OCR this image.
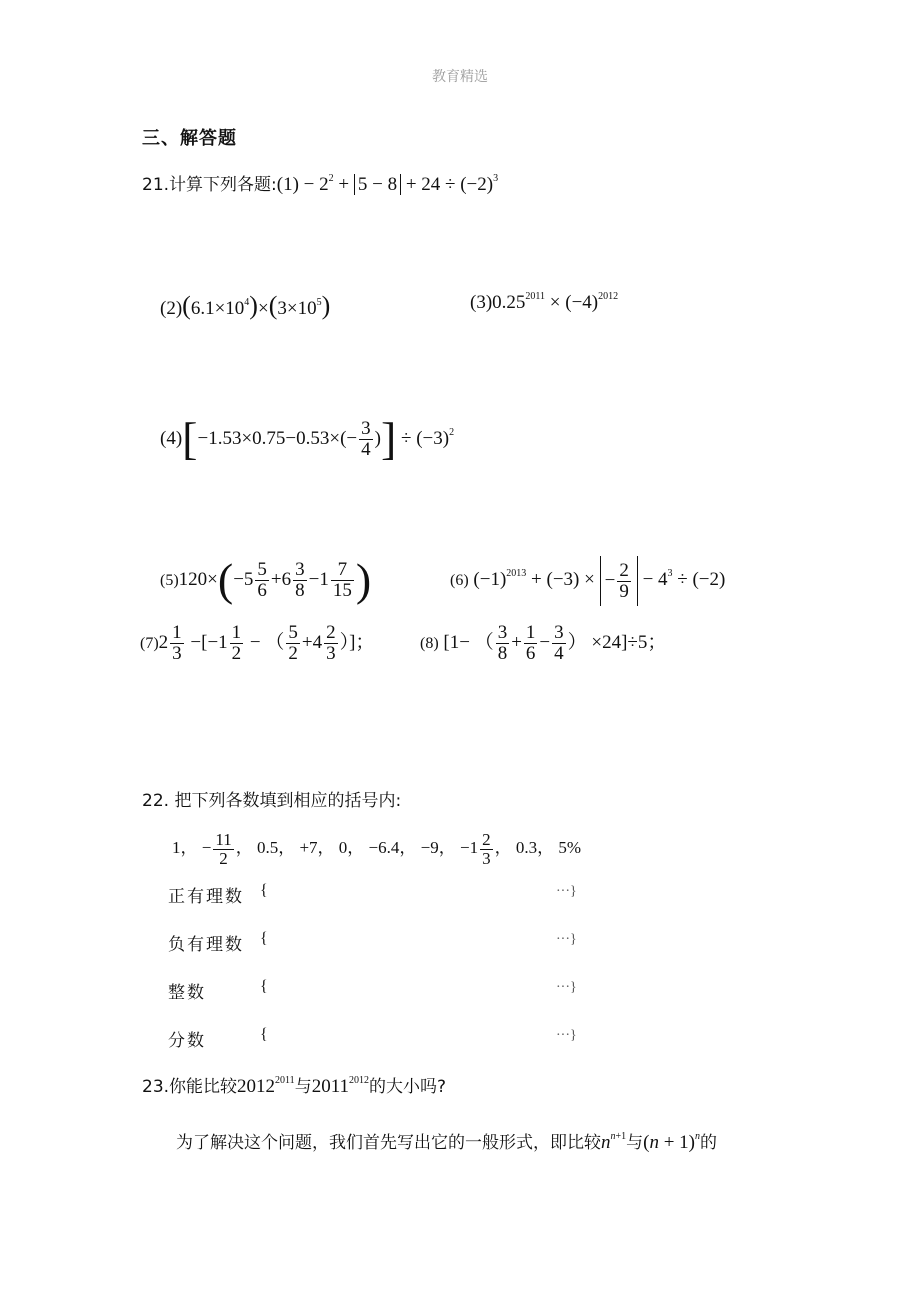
教育精选
三、解答题
21.计算下列各题:(1) − $2^2 + 5 - 8 + 24 \div (-2)^3$
$(2)(6.1\times 10^4)\times(3\times 10^5)$	$(3)0.25^{2011} \times (-4)^{2012}$
$(4)[-1.53\times 0.75-0.53\times(- \frac{3}{4}$ )] ÷ $(-3)^2$
$(5)120\times(-5 \frac{5}{6} +6 \frac{3}{8} -1 \frac{7}{15}$ )	(6) $(-1)^{2013} + (-3)$ × − $\frac{2}{9} - 4^3 \div (-2)$
$(7)2 \frac{1}{3} -[-1 \frac{1}{2}$ − （ $\frac{5}{2} +4 \frac{2}{3}$ ）]；	(8) [1− （ $\frac{3}{8} + \frac{1}{6} - \frac{3}{4}$ ） ×24]÷5；
22. 把下列各数填到相应的括号内:
1， − $\frac{11}{2}$ ， 0.5， +7， 0， −6.4， −9， $-1 \frac{2}{3}$ ， 0.3， 5%
正有理数 {	···}
负有理数 {	···}
整数	{	···}
分数	{	···}
23.你能比较$2012^{2011}$与$2011^{2012}$的大小吗?
为了解决这个问题，我们首先写出它的一般形式，即比较$n^{n+1}$与$(n + 1)^n$的
